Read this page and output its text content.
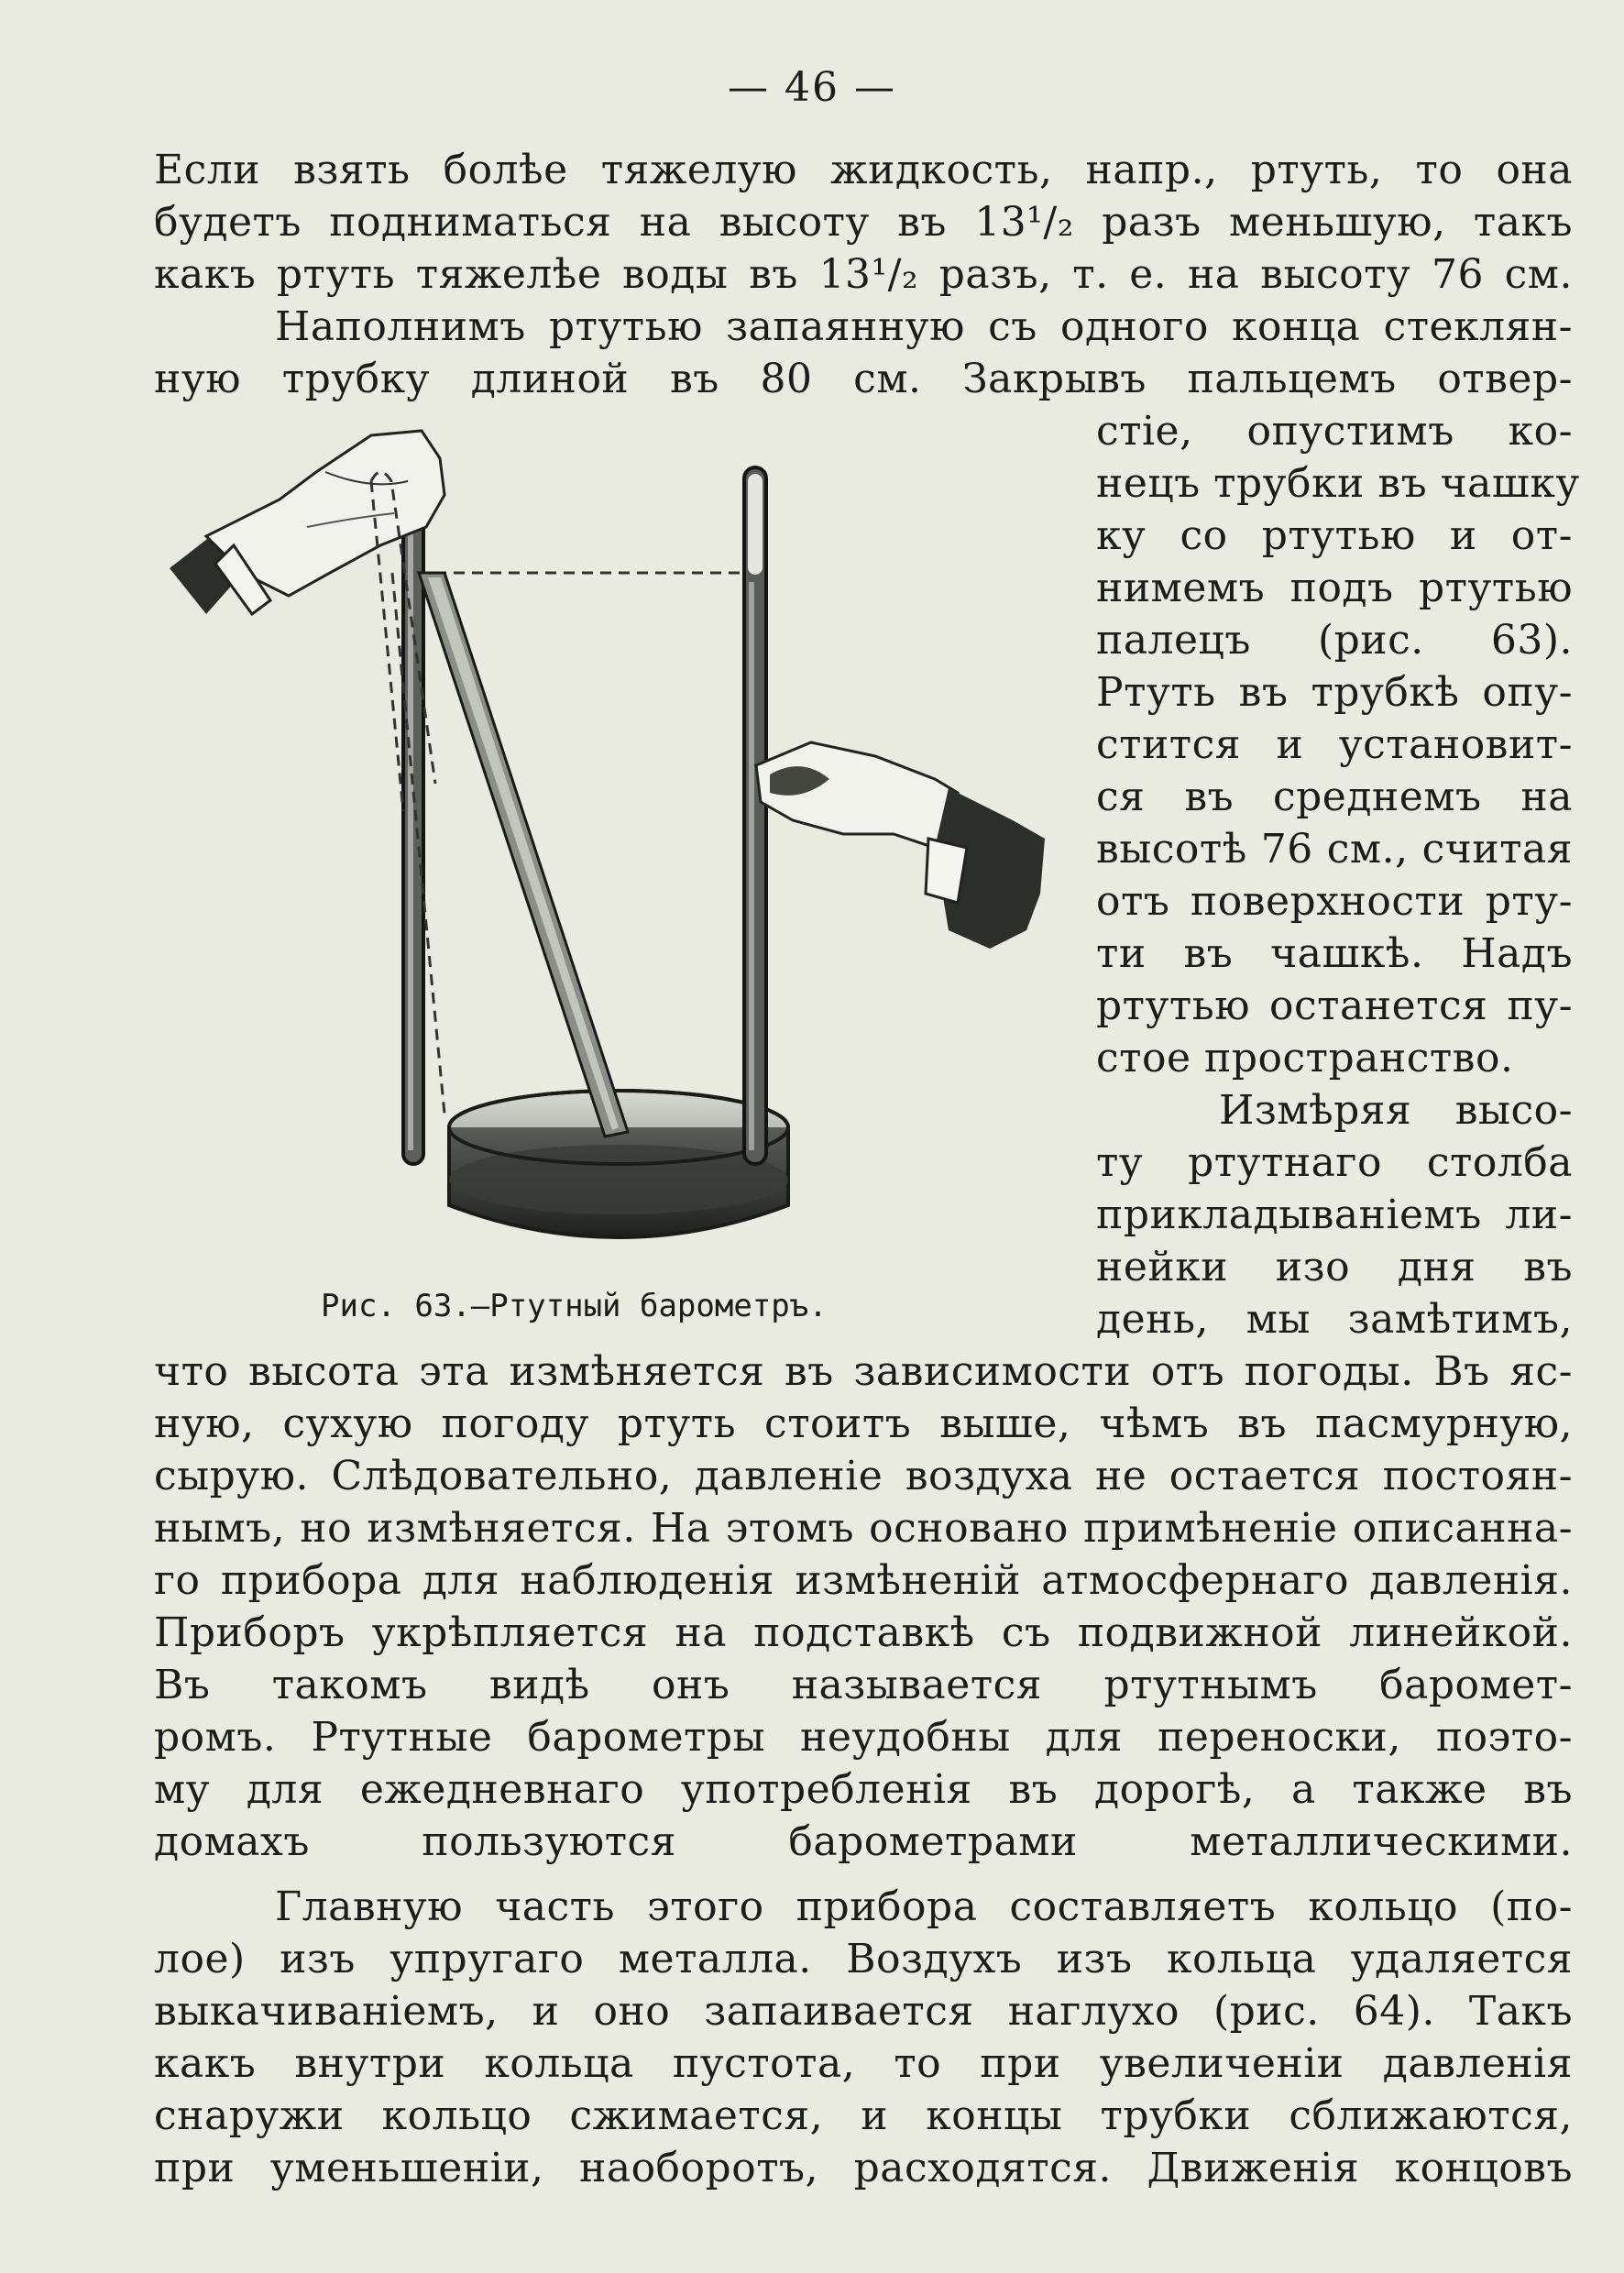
— 46 —
Если взять болѣе тяжелую жидкость, напр., ртуть, то она
будетъ подниматься на высоту въ 13¹/₂ разъ меньшую, такъ
какъ ртуть тяжелѣе воды въ 13¹/₂ разъ, т. е. на высоту 76 см.
Наполнимъ ртутью запаянную съ одного конца стеклян-
ную трубку длиной въ 80 см. Закрывъ пальцемъ отвер-
стіе, опустимъ ко-
нецъ трубки въ чашку
ку со ртутью и от-
нимемъ подъ ртутью
палецъ (рис. 63).
Ртуть въ трубкѣ опу-
стится и установит-
ся въ среднемъ на
высотѣ 76 см., считая
отъ поверхности рту-
ти въ чашкѣ. Надъ
ртутью останется пу-
стое пространство.
Измѣряя высо-
ту ртутнаго столба
прикладываніемъ ли-
нейки изо дня въ
день, мы замѣтимъ,
Рис. 63.—Ртутный барометръ.
что высота эта измѣняется въ зависимости отъ погоды. Въ яс-
ную, сухую погоду ртуть стоитъ выше, чѣмъ въ пасмурную,
сырую. Слѣдовательно, давленіе воздуха не остается постоян-
нымъ, но измѣняется. На этомъ основано примѣненіе описанна-
го прибора для наблюденія измѣненій атмосфернаго давленія.
Приборъ укрѣпляется на подставкѣ съ подвижной линейкой.
Въ такомъ видѣ онъ называется ртутнымъ баромет-
ромъ. Ртутные барометры неудобны для переноски, поэто-
му для ежедневнаго употребленія въ дорогѣ, а также въ
домахъ пользуются барометрами металлическими.
Главную часть этого прибора составляетъ кольцо (по-
лое) изъ упругаго металла. Воздухъ изъ кольца удаляется
выкачиваніемъ, и оно запаивается наглухо (рис. 64). Такъ
какъ внутри кольца пустота, то при увеличеніи давленія
снаружи кольцо сжимается, и концы трубки сближаются,
при уменьшеніи, наоборотъ, расходятся. Движенія концовъ
